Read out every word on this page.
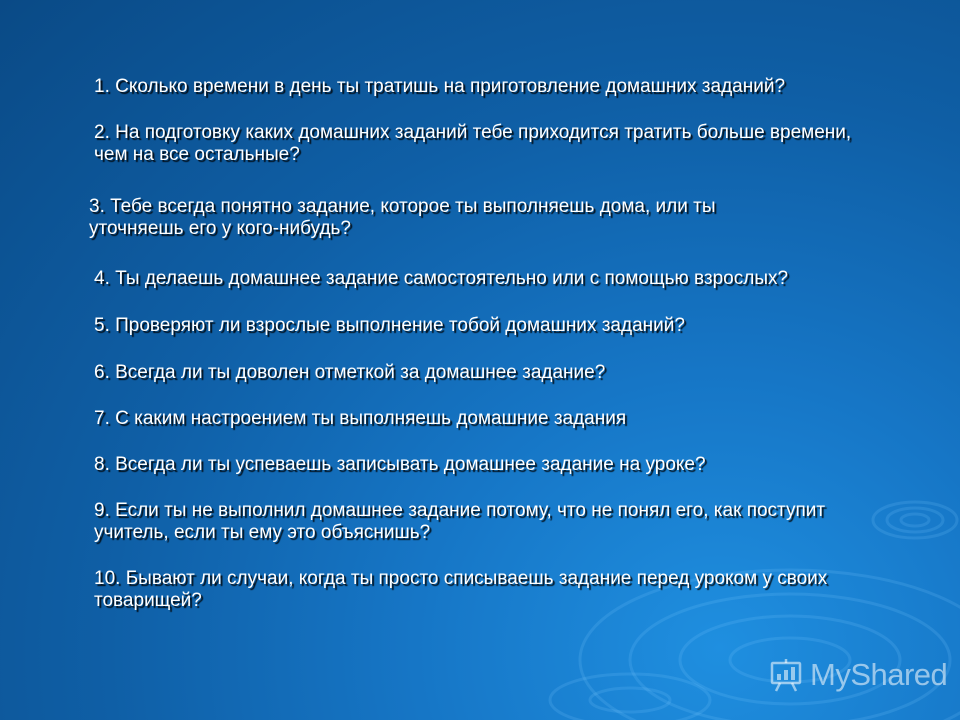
1. Сколько времени в день ты тратишь на приготовление домашних заданий?
2. На подготовку каких домашних заданий тебе приходится тратить больше времени, чем на все остальные?
3. Тебе всегда понятно задание, которое ты выполняешь дома, или ты уточняешь его у кого-нибудь?
4. Ты делаешь домашнее задание самостоятельно или с помощью взрослых?
5. Проверяют ли взрослые выполнение тобой домашних заданий?
6. Всегда ли ты доволен отметкой за домашнее задание?
7. С каким настроением ты выполняешь домашние задания
8. Всегда ли ты успеваешь записывать домашнее задание на уроке?
9. Если ты не выполнил домашнее задание потому, что не понял его, как поступит учитель, если ты ему это объяснишь?
10. Бывают ли случаи, когда ты просто списываешь задание перед уроком у своих товарищей?
MyShared
